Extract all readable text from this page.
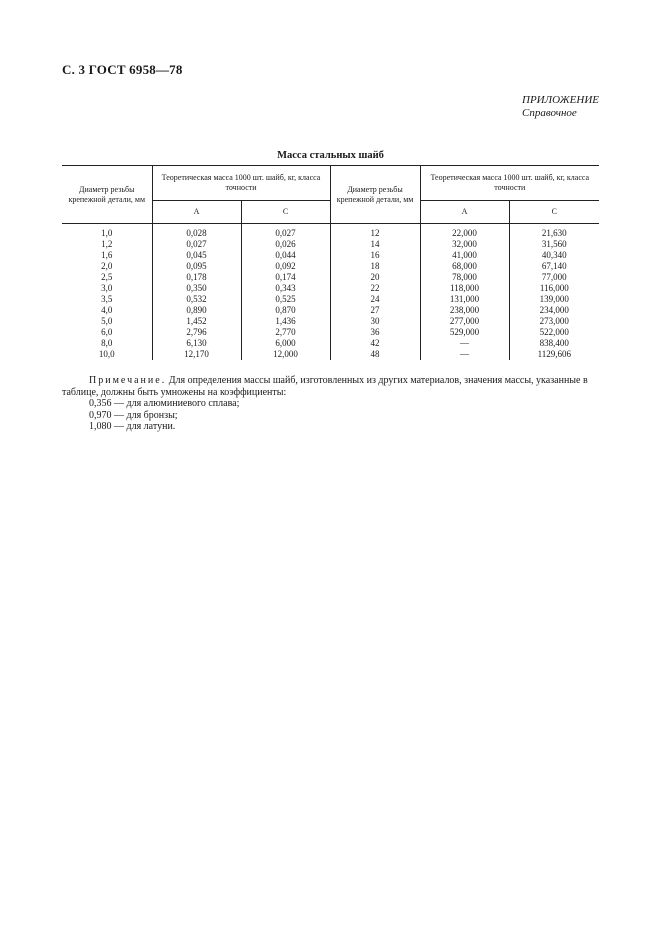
С. 3 ГОСТ 6958—78
ПРИЛОЖЕНИЕ
Справочное
Масса стальных шайб
Диаметр резьбы крепежной детали, мм	Теоретическая масса 1000 шт. шайб, кг, класса точности		Диаметр резьбы крепежной детали, мм	Теоретическая масса 1000 шт. шайб, кг, класса точности	
	А	С		А	С
1,0	0,028	0,027	12	22,000	21,630
1,2	0,027	0,026	14	32,000	31,560
1,6	0,045	0,044	16	41,000	40,340
2,0	0,095	0,092	18	68,000	67,140
2,5	0,178	0,174	20	78,000	77,000
3,0	0,350	0,343	22	118,000	116,000
3,5	0,532	0,525	24	131,000	139,000
4,0	0,890	0,870	27	238,000	234,000
5,0	1,452	1,436	30	277,000	273,000
6,0	2,796	2,770	36	529,000	522,000
8,0	6,130	6,000	42	—	838,400
10,0	12,170	12,000	48	—	1129,606

Примечание. Для определения массы шайб, изготовленных из других материалов, значения массы, указанные в таблице, должны быть умножены на коэффициенты:

0,356 — для алюминиевого сплава;

0,970 — для бронзы;

1,080 — для латуни.
